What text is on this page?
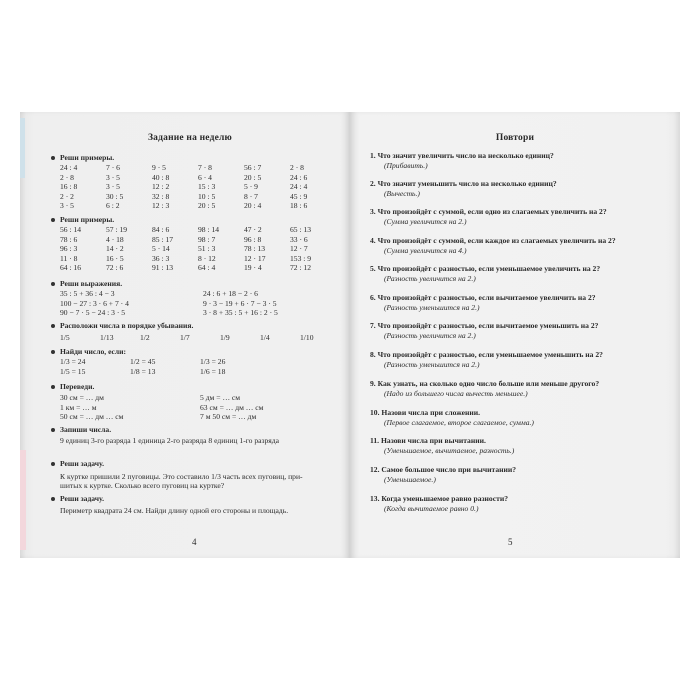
Задание на неделю
Реши примеры.
24 : 4	7 · 6	9 · 5	7 · 8	56 : 7	2 · 8
2 · 8	3 · 5	40 : 8	6 · 4	20 : 5	24 : 6
16 : 8	3 · 5	12 : 2	15 : 3	5 · 9	24 : 4
2 · 2	30 : 5	32 : 8	10 : 5	8 · 7	45 : 9
3 · 5	6 : 2	12 : 3	20 : 5	20 : 4	18 : 6
Реши примеры.
56 : 14	57 : 19	84 : 6	98 : 14	47 · 2	65 : 13
78 : 6	4 · 18	85 : 17	98 : 7	96 : 8	33 · 6
96 : 3	14 · 2	5 · 14	51 : 3	78 : 13	12 · 7
11 · 8	16 · 5	36 : 3	8 · 12	12 · 17	153 : 9
64 : 16	72 : 6	91 : 13	64 : 4	19 · 4	72 : 12
Реши выражения.
35 : 5 + 36 : 4 − 3	24 : 6 + 18 − 2 · 6
100 − 27 : 3 · 6 + 7 · 4	9 · 3 − 19 + 6 · 7 − 3 · 5
90 − 7 · 5 − 24 : 3 · 5	3 · 8 + 35 : 5 + 16 : 2 · 5
Расположи числа в порядке убывания.
1/5	1/13	1/2	1/7	1/9	1/4	1/10
Найди число, если:
1/3 = 24	1/2 = 45	1/3 = 26
1/5 = 15	1/8 = 13	1/6 = 18
Переведи.
30 см = … дм	5 дм = … см
1 км = … м	63 см = … дм … см
50 см = … дм … см	7 м 50 см = … дм
Запиши числа.
9 единиц 3-го разряда 1 единица 2-го разряда 8 единиц 1-го разряда
Реши задачу.
К куртке пришили 2 пуговицы. Это составило 1/3 часть всех пуговиц, при-
шитых к куртке. Сколько всего пуговиц на куртке?
Реши задачу.
Периметр квадрата 24 см. Найди длину одной его стороны и площадь.
4
Повтори
1. Что значит увеличить число на несколько единиц?
(Прибавить.)
2. Что значит уменьшить число на несколько единиц?
(Вычесть.)
3. Что произойдёт с суммой, если одно из слагаемых увеличить на 2?
(Сумма увеличится на 2.)
4. Что произойдёт с суммой, если каждое из слагаемых увеличить на 2?
(Сумма увеличится на 4.)
5. Что произойдёт с разностью, если уменьшаемое увеличить на 2?
(Разность увеличится на 2.)
6. Что произойдёт с разностью, если вычитаемое увеличить на 2?
(Разность уменьшится на 2.)
7. Что произойдёт с разностью, если вычитаемое уменьшить на 2?
(Разность увеличится на 2.)
8. Что произойдёт с разностью, если уменьшаемое уменьшить на 2?
(Разность уменьшится на 2.)
9. Как узнать, на сколько одно число больше или меньше другого?
(Надо из большего числа вычесть меньшее.)
10. Назови числа при сложении.
(Первое слагаемое, второе слагаемое, сумма.)
11. Назови числа при вычитании.
(Уменьшаемое, вычитаемое, разность.)
12. Самое большое число при вычитании?
(Уменьшаемое.)
13. Когда уменьшаемое равно разности?
(Когда вычитаемое равно 0.)
5
